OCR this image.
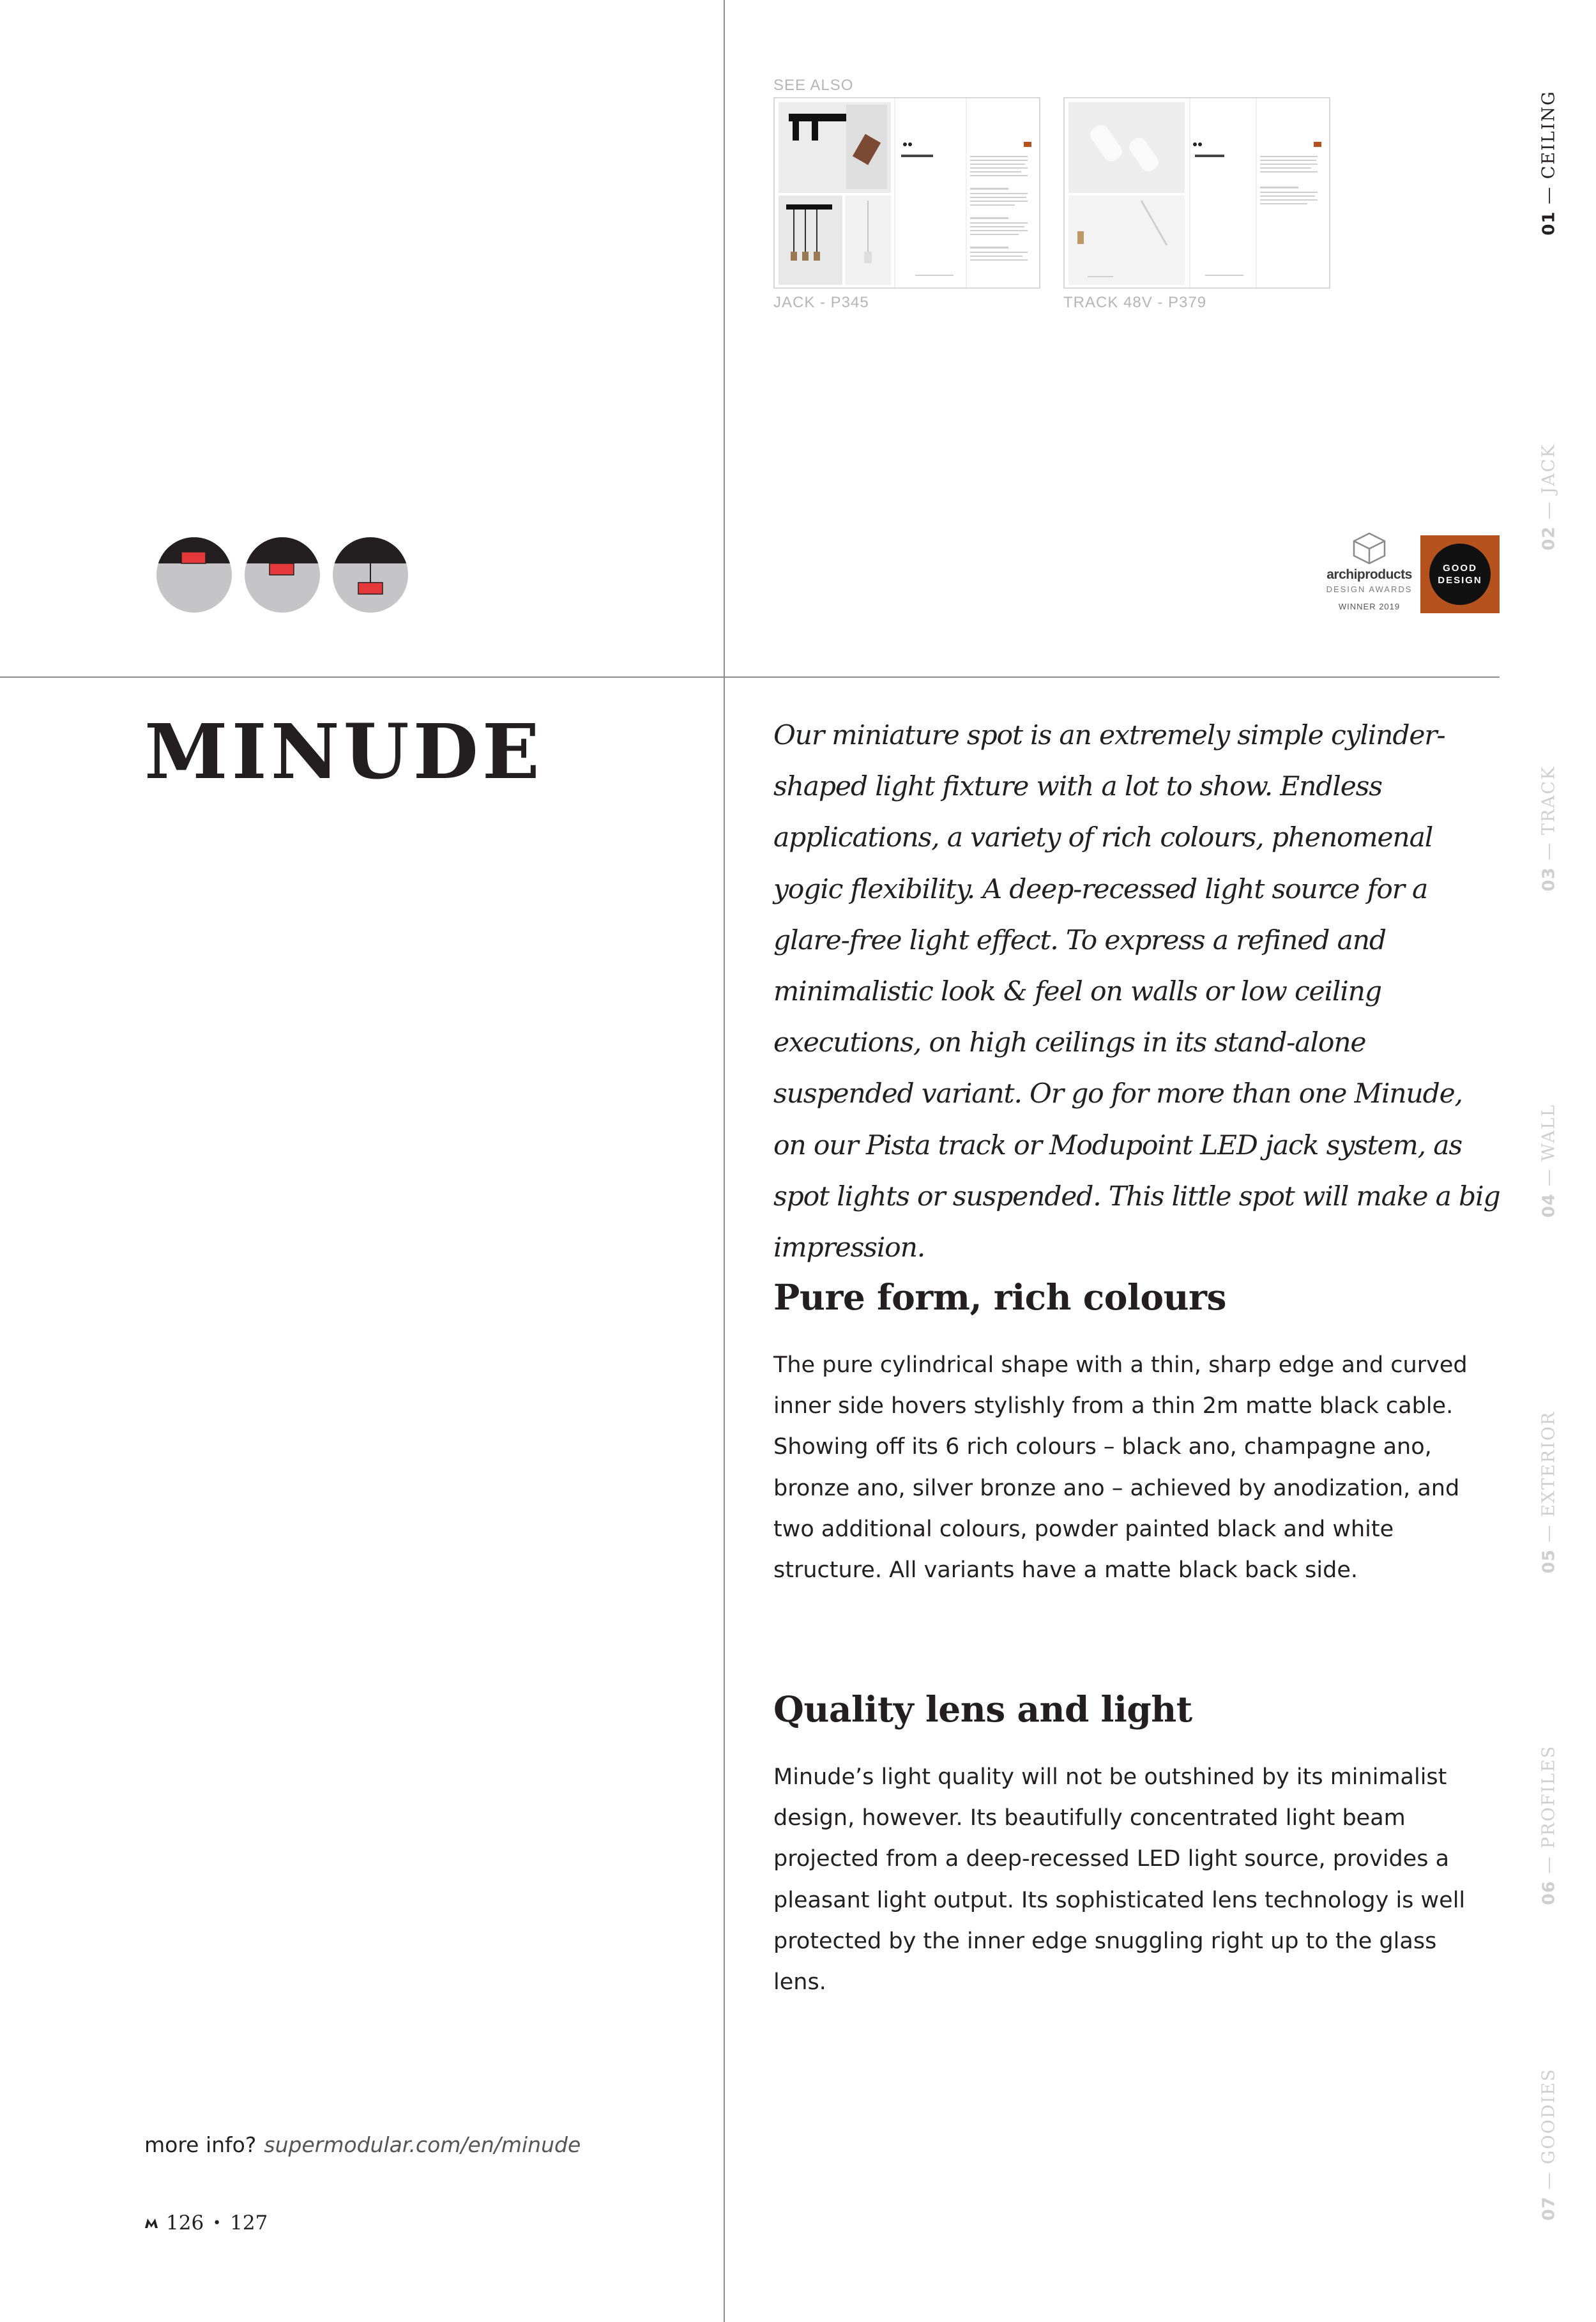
SEE ALSO
JACK - P345	TRACK 48V - P379
archiproducts
DESIGN AWARDS
WINNER 2019
GOOD
DESIGN
01 — CEILING
02 — JACK
03 — TRACK
04 — WALL
05 — EXTERIOR
06 — PROFILES
07 — GOODIES
MINUDE	Our miniature spot is an extremely simple cylinder-shaped light fixture with a lot to show. Endless applications, a variety of rich colours, phenomenal yogic flexibility. A deep-recessed light source for a glare-free light effect. To express a refined and minimalistic look & feel on walls or low ceiling executions, on high ceilings in its stand-alone suspended variant. Or go for more than one Minude, on our Pista track or Modupoint LED jack system, as spot lights or suspended. This little spot will make a big impression.

Pure form, rich colours

The pure cylindrical shape with a thin, sharp edge and curved inner side hovers stylishly from a thin 2m matte black cable. Showing off its 6 rich colours – black ano, champagne ano, bronze ano, silver bronze ano – achieved by anodization, and two additional colours, powder painted black and white structure. All variants have a matte black back side.

Quality lens and light

Minude’s light quality will not be outshined by its minimalist design, however. Its beautifully concentrated light beam projected from a deep-recessed LED light source, provides a pleasant light output. Its sophisticated lens technology is well protected by the inner edge snuggling right up to the glass lens.

more info? supermodular.com/en/minude
126 • 127
